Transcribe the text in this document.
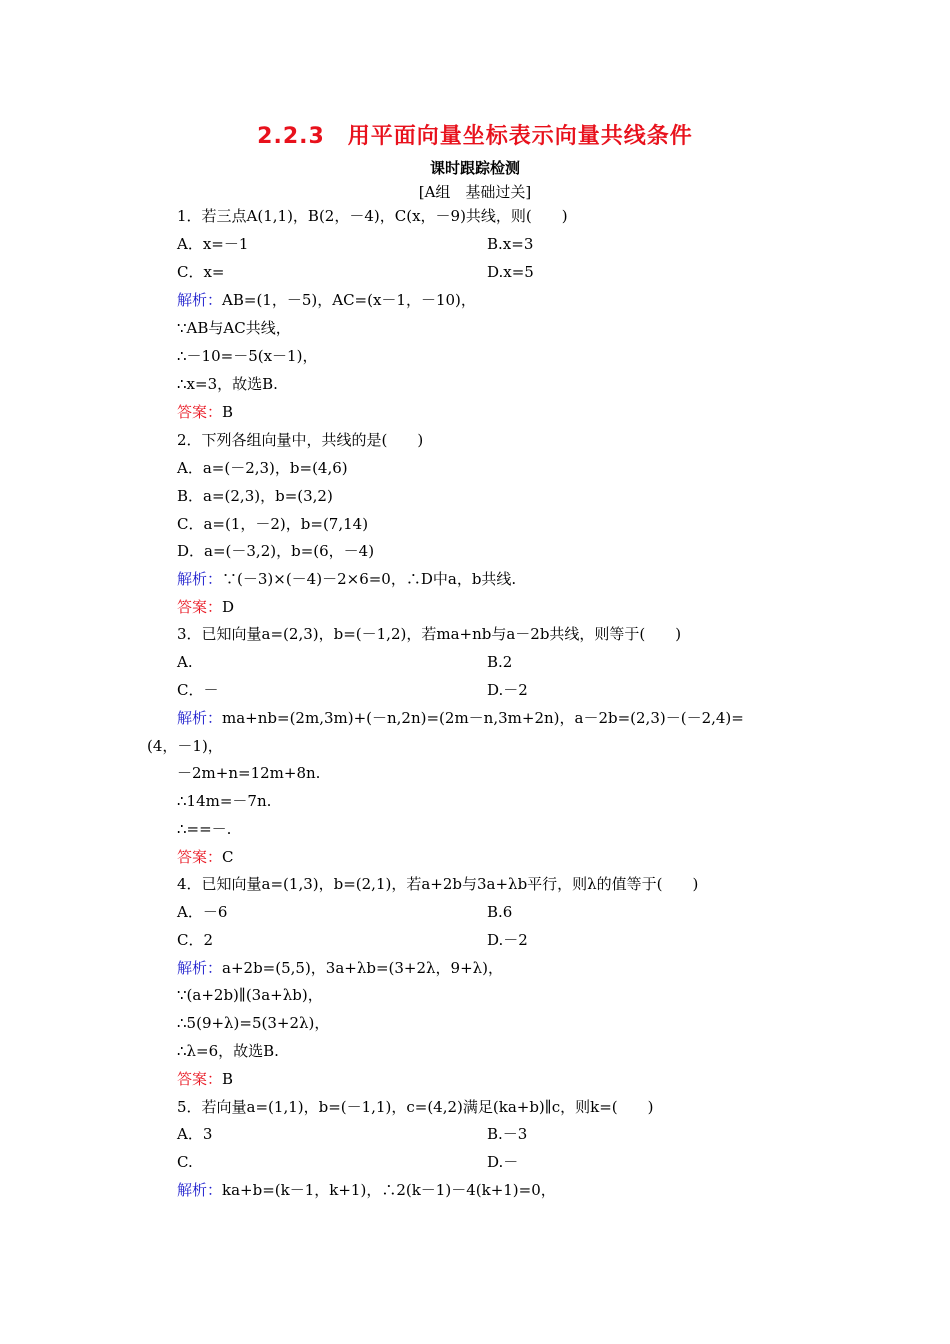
2.2.3　用平面向量坐标表示向量共线条件
课时跟踪检测
[A组　基础过关]
1．若三点A(1,1)，B(2，－4)，C(x，－9)共线，则(　　)
A．x=－1	B.x=3
C．x=	D.x=5
解析：AB=(1，－5)，AC=(x－1，－10)，
∵AB与AC共线，
∴－10=－5(x－1)，
∴x=3，故选B.
答案：B
2．下列各组向量中，共线的是(　　)
A．a=(－2,3)，b=(4,6)
B．a=(2,3)，b=(3,2)
C．a=(1，－2)，b=(7,14)
D．a=(－3,2)，b=(6，－4)
解析：∵(－3)×(－4)－2×6=0，∴D中a，b共线.
答案：D
3．已知向量a=(2,3)，b=(－1,2)，若ma+nb与a－2b共线，则等于(　　)
A.	B.2
C．－	D.－2
解析：ma+nb=(2m,3m)+(－n,2n)=(2m－n,3m+2n)，a－2b=(2,3)－(－2,4)=
(4，－1)，
－2m+n=12m+8n.
∴14m=－7n.
∴==－.
答案：C
4．已知向量a=(1,3)，b=(2,1)，若a+2b与3a+λb平行，则λ的值等于(　　)
A．－6	B.6
C．2	D.－2
解析：a+2b=(5,5)，3a+λb=(3+2λ，9+λ)，
∵(a+2b)∥(3a+λb)，
∴5(9+λ)=5(3+2λ)，
∴λ=6，故选B.
答案：B
5．若向量a=(1,1)，b=(－1,1)，c=(4,2)满足(ka+b)∥c，则k=(　　)
A．3	B.－3
C.	D.－
解析：ka+b=(k－1，k+1)，∴2(k－1)－4(k+1)=0，
